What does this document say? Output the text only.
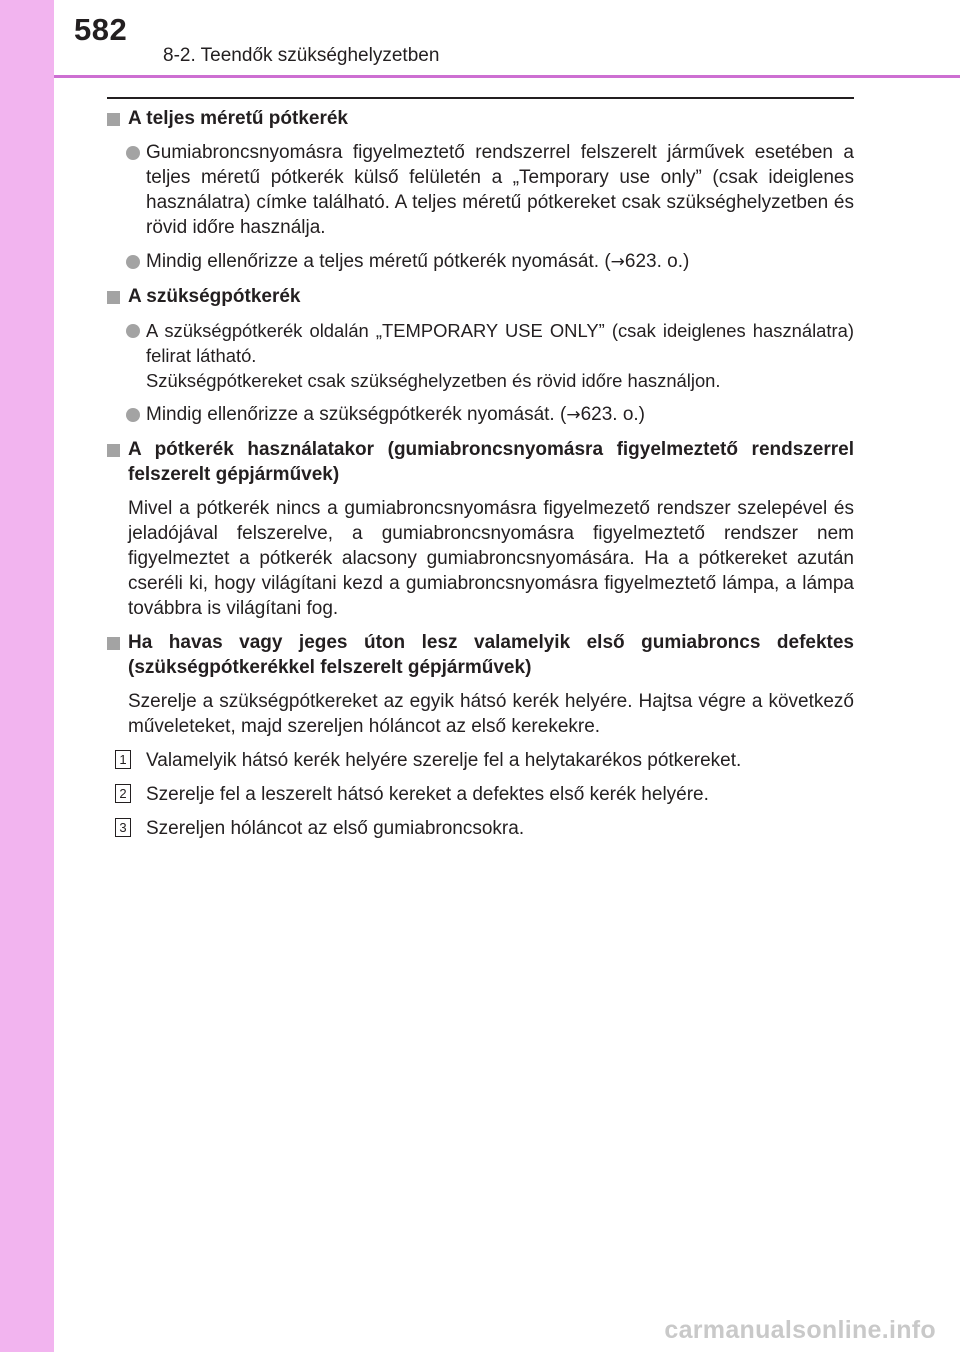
582
8-2. Teendők szükséghelyzetben
A teljes méretű pótkerék
Gumiabroncsnyomásra figyelmeztető rendszerrel felszerelt járművek esetében a teljes méretű pótkerék külső felületén a „Temporary use only” (csak ideiglenes használatra) címke található. A teljes méretű pótkereket csak szükséghelyzetben és rövid időre használja.
Mindig ellenőrizze a teljes méretű pótkerék nyomását. (→623. o.)
A szükségpótkerék
A szükségpótkerék oldalán „TEMPORARY USE ONLY” (csak ideiglenes használatra) felirat látható.
Szükségpótkereket csak szükséghelyzetben és rövid időre használjon.
Mindig ellenőrizze a szükségpótkerék nyomását. (→623. o.)
A pótkerék használatakor (gumiabroncsnyomásra figyelmeztető rendszerrel felszerelt gépjárművek)
Mivel a pótkerék nincs a gumiabroncsnyomásra figyelmezető rendszer szelepével és jeladójával felszerelve, a gumiabroncsnyomásra figyelmeztető rendszer nem figyelmeztet a pótkerék alacsony gumiabroncsnyomására. Ha a pótkereket azután cseréli ki, hogy világítani kezd a gumiabroncsnyomásra figyelmeztető lámpa, a lámpa továbbra is világítani fog.
Ha havas vagy jeges úton lesz valamelyik első gumiabroncs defektes (szükségpótkerékkel felszerelt gépjárművek)
Szerelje a szükségpótkereket az egyik hátsó kerék helyére. Hajtsa végre a következő műveleteket, majd szereljen hóláncot az első kerekekre.
1 Valamelyik hátsó kerék helyére szerelje fel a helytakarékos pótkereket.
2 Szerelje fel a leszerelt hátsó kereket a defektes első kerék helyére.
3 Szereljen hóláncot az első gumiabroncsokra.
carmanualsonline.info
